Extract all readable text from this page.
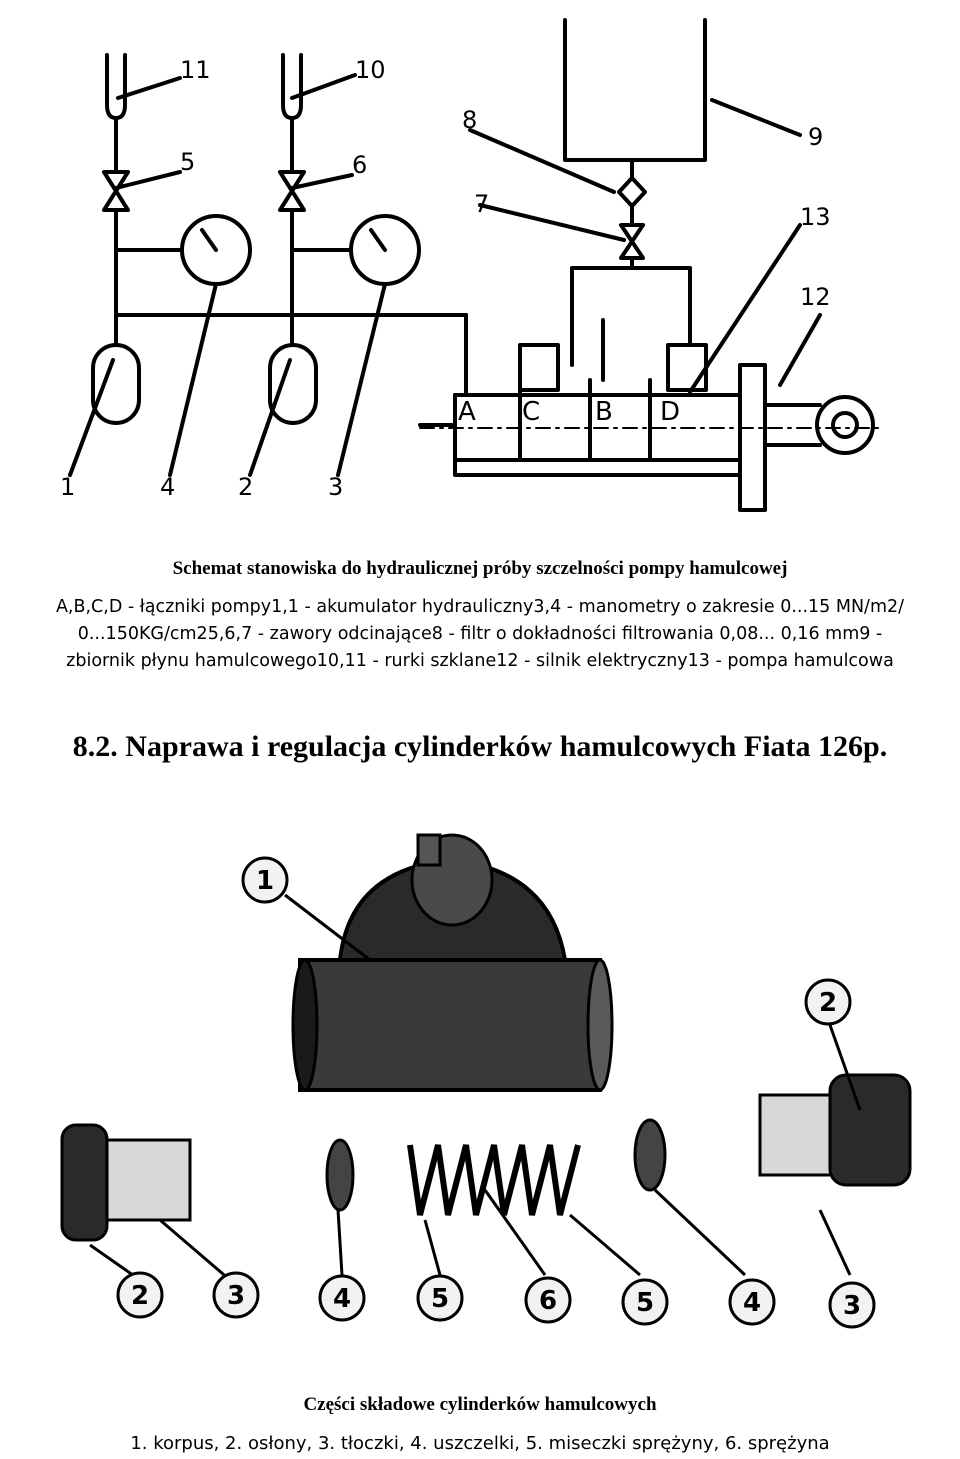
11
5
10
6
8
9
7	13
12
1	4	2	3
A C B D
Schemat stanowiska do hydraulicznej próby szczelności pompy hamulcowej
A,B,C,D - łączniki pompy1,1 - akumulator hydrauliczny3,4 - manometry o zakresie 0...15 MN/m2/
0...150KG/cm25,6,7 - zawory odcinające8 - filtr o dokładności filtrowania 0,08... 0,16 mm9 -
zbiornik płynu hamulcowego10,11 - rurki szklane12 - silnik elektryczny13 - pompa hamulcowa
8.2. Naprawa i regulacja cylinderków hamulcowych Fiata 126p.
1
2
2	3	4	5	6	5	4	3
Części składowe cylinderków hamulcowych
1. korpus, 2. osłony, 3. tłoczki, 4. uszczelki, 5. miseczki sprężyny, 6. sprężyna
